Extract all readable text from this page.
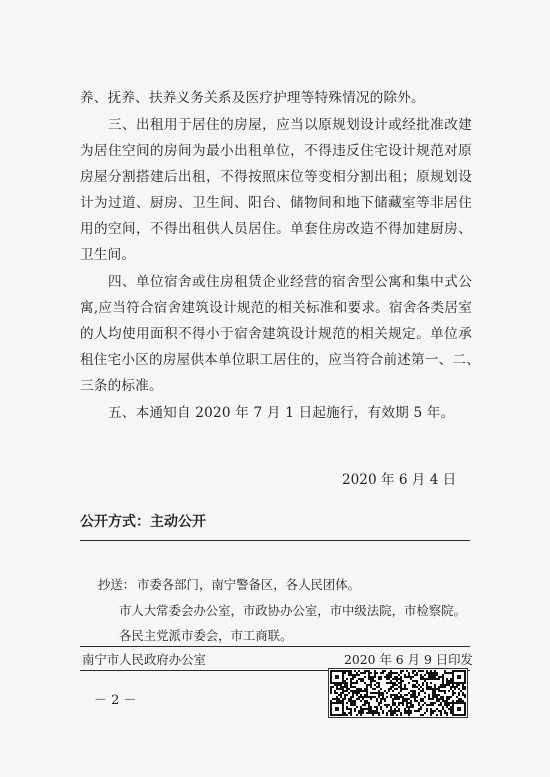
养、抚养、扶养义务关系及医疗护理等特殊情况的除外。
三、出租用于居住的房屋，应当以原规划设计或经批准改建
为居住空间的房间为最小出租单位，不得违反住宅设计规范对原
房屋分割搭建后出租，不得按照床位等变相分割出租；原规划设
计为过道、厨房、卫生间、阳台、储物间和地下储藏室等非居住
用的空间，不得出租供人员居住。单套住房改造不得加建厨房、
卫生间。
四、单位宿舍或住房租赁企业经营的宿舍型公寓和集中式公
寓,应当符合宿舍建筑设计规范的相关标准和要求。宿舍各类居室
的人均使用面积不得小于宿舍建筑设计规范的相关规定。单位承
租住宅小区的房屋供本单位职工居住的，应当符合前述第一、二、
三条的标准。
五、本通知自 2020 年 7 月 1 日起施行，有效期 5 年。
2020 年 6 月 4 日
公开方式：主动公开
抄送： 市委各部门，南宁警备区，各人民团体。
市人大常委会办公室，市政协办公室，市中级法院，市检察院。
各民主党派市委会，市工商联。
南宁市人民政府办公室	2020 年 6 月 9 日印发
－ 2 －
